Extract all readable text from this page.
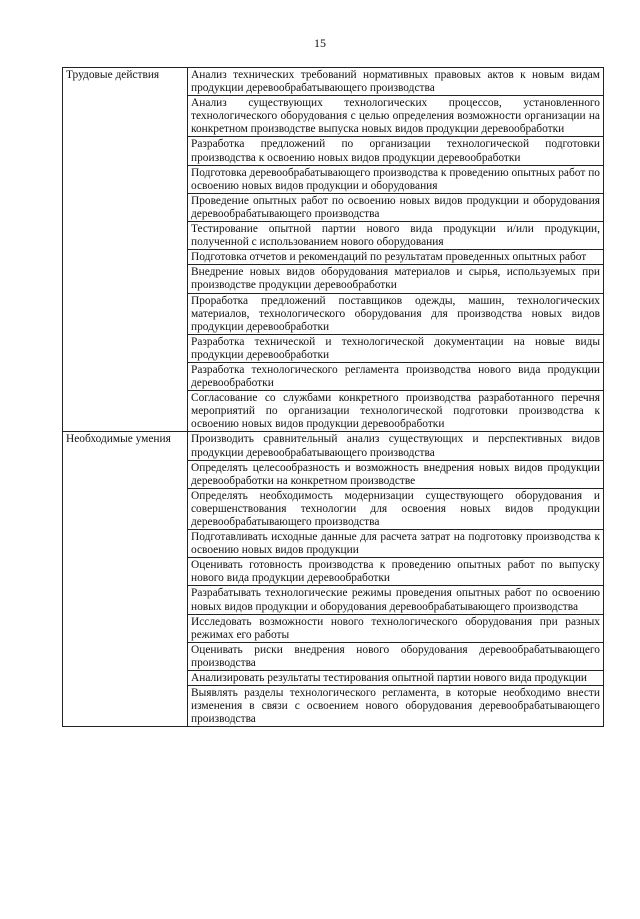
15
Трудовые действия	Анализ технических требований нормативных правовых актов к новым видам продукции деревообрабатывающего производства
	Анализ существующих технологических процессов, установленного технологического оборудования с целью определения возможности организации на конкретном производстве выпуска новых видов продукции деревообработки
	Разработка предложений по организации технологической подготовки производства к освоению новых видов продукции деревообработки
	Подготовка деревообрабатывающего производства к проведению опытных работ по освоению новых видов продукции и оборудования
	Проведение опытных работ по освоению новых видов продукции и оборудования деревообрабатывающего производства
	Тестирование опытной партии нового вида продукции и/или продукции, полученной с использованием нового оборудования
	Подготовка отчетов и рекомендаций по результатам проведенных опытных работ
	Внедрение новых видов оборудования материалов и сырья, используемых при производстве продукции деревообработки
	Проработка предложений поставщиков одежды, машин, технологических материалов, технологического оборудования для производства новых видов продукции деревообработки
	Разработка технической и технологической документации на новые виды продукции деревообработки
	Разработка технологического регламента производства нового вида продукции деревообработки
	Согласование со службами конкретного производства разработанного перечня мероприятий по организации технологической подготовки производства к освоению новых видов продукции деревообработки
Необходимые умения	Производить сравнительный анализ существующих и перспективных видов продукции деревообрабатывающего производства
	Определять целесообразность и возможность внедрения новых видов продукции деревообработки на конкретном производстве
	Определять необходимость модернизации существующего оборудования и совершенствования технологии для освоения новых видов продукции деревообрабатывающего производства
	Подготавливать исходные данные для расчета затрат на подготовку производства к освоению новых видов продукции
	Оценивать готовность производства к проведению опытных работ по выпуску нового вида продукции деревообработки
	Разрабатывать технологические режимы проведения опытных работ по освоению новых видов продукции и оборудования деревообрабатывающего производства
	Исследовать возможности нового технологического оборудования при разных режимах его работы
	Оценивать риски внедрения нового оборудования деревообрабатывающего производства
	Анализировать результаты тестирования опытной партии нового вида продукции
	Выявлять разделы технологического регламента, в которые необходимо внести изменения в связи с освоением нового оборудования деревообрабатывающего производства
